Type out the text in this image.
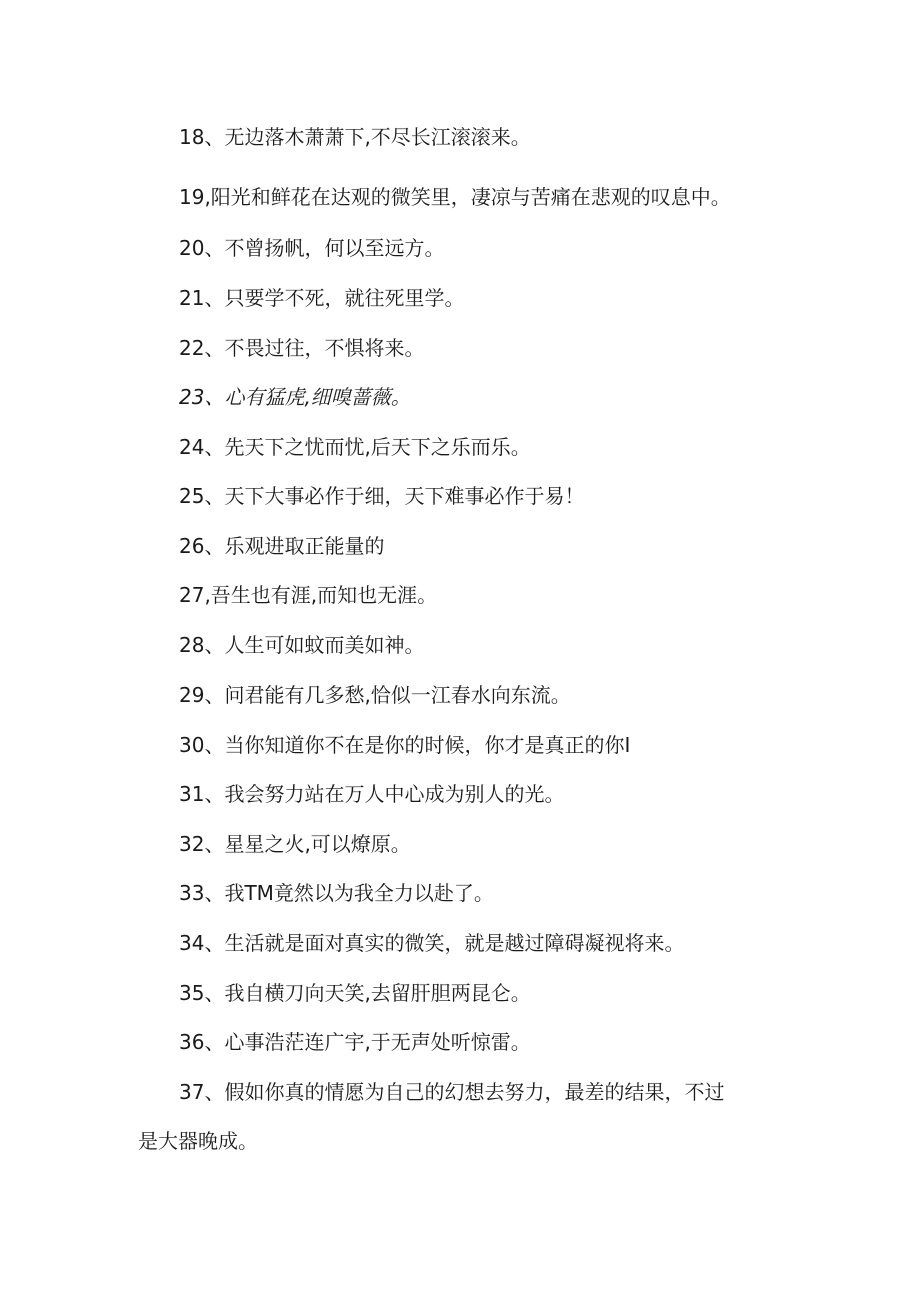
18、无边落木萧萧下,不尽长江滚滚来。
19,阳光和鲜花在达观的微笑里，凄凉与苦痛在悲观的叹息中。
20、不曾扬帆，何以至远方。
21、只要学不死，就往死里学。
22、不畏过往，不惧将来。
23、心有猛虎,细嗅蔷薇。
24、先天下之忧而忧,后天下之乐而乐。
25、天下大事必作于细，天下难事必作于易！
26、乐观进取正能量的
27,吾生也有涯,而知也无涯。
28、人生可如蚊而美如神。
29、问君能有几多愁,恰似一江春水向东流。
30、当你知道你不在是你的时候，你才是真正的你I
31、我会努力站在万人中心成为别人的光。
32、星星之火,可以燎原。
33、我TM竟然以为我全力以赴了。
34、生活就是面对真实的微笑，就是越过障碍凝视将来。
35、我自横刀向天笑,去留肝胆两昆仑。
36、心事浩茫连广宇,于无声处听惊雷。
37、假如你真的情愿为自己的幻想去努力，最差的结果，不过
是大器晚成。
